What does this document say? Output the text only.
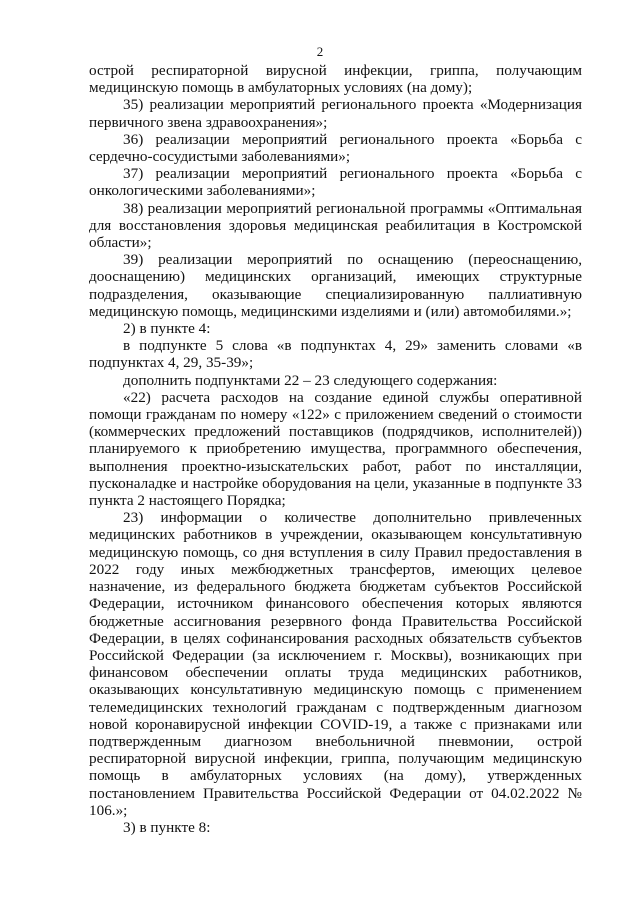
2

острой респираторной вирусной инфекции, гриппа, получающим медицинскую помощь в амбулаторных условиях (на дому);

35) реализации мероприятий регионального проекта «Модернизация первичного звена здравоохранения»;

36) реализации мероприятий регионального проекта «Борьба с сердечно-сосудистыми заболеваниями»;

37) реализации мероприятий регионального проекта «Борьба с онкологическими заболеваниями»;

38) реализации мероприятий региональной программы «Оптимальная для восстановления здоровья медицинская реабилитация в Костромской области»;

39) реализации мероприятий по оснащению (переоснащению, дооснащению) медицинских организаций, имеющих структурные подразделения, оказывающие специализированную паллиативную медицинскую помощь, медицинскими изделиями и (или) автомобилями.»;

2) в пункте 4:

в подпункте 5 слова «в подпунктах 4, 29» заменить словами «в подпунктах 4, 29, 35-39»;

дополнить подпунктами 22 – 23 следующего содержания:

«22) расчета расходов на создание единой службы оперативной помощи гражданам по номеру «122» с приложением сведений о стоимости (коммерческих предложений поставщиков (подрядчиков, исполнителей)) планируемого к приобретению имущества, программного обеспечения, выполнения проектно-изыскательских работ, работ по инсталляции, пусконаладке и настройке оборудования на цели, указанные в подпункте 33 пункта 2 настоящего Порядка;

23) информации о количестве дополнительно привлеченных медицинских работников в учреждении, оказывающем консультативную медицинскую помощь, со дня вступления в силу Правил предоставления в 2022 году иных межбюджетных трансфертов, имеющих целевое назначение, из федерального бюджета бюджетам субъектов Российской Федерации, источником финансового обеспечения которых являются бюджетные ассигнования резервного фонда Правительства Российской Федерации, в целях софинансирования расходных обязательств субъектов Российской Федерации (за исключением г. Москвы), возникающих при финансовом обеспечении оплаты труда медицинских работников, оказывающих консультативную медицинскую помощь с применением телемедицинских технологий гражданам с подтвержденным диагнозом новой коронавирусной инфекции COVID-19, а также с признаками или подтвержденным диагнозом внебольничной пневмонии, острой респираторной вирусной инфекции, гриппа, получающим медицинскую помощь в амбулаторных условиях (на дому), утвержденных постановлением Правительства Российской Федерации от 04.02.2022 № 106.»;

3) в пункте 8:
